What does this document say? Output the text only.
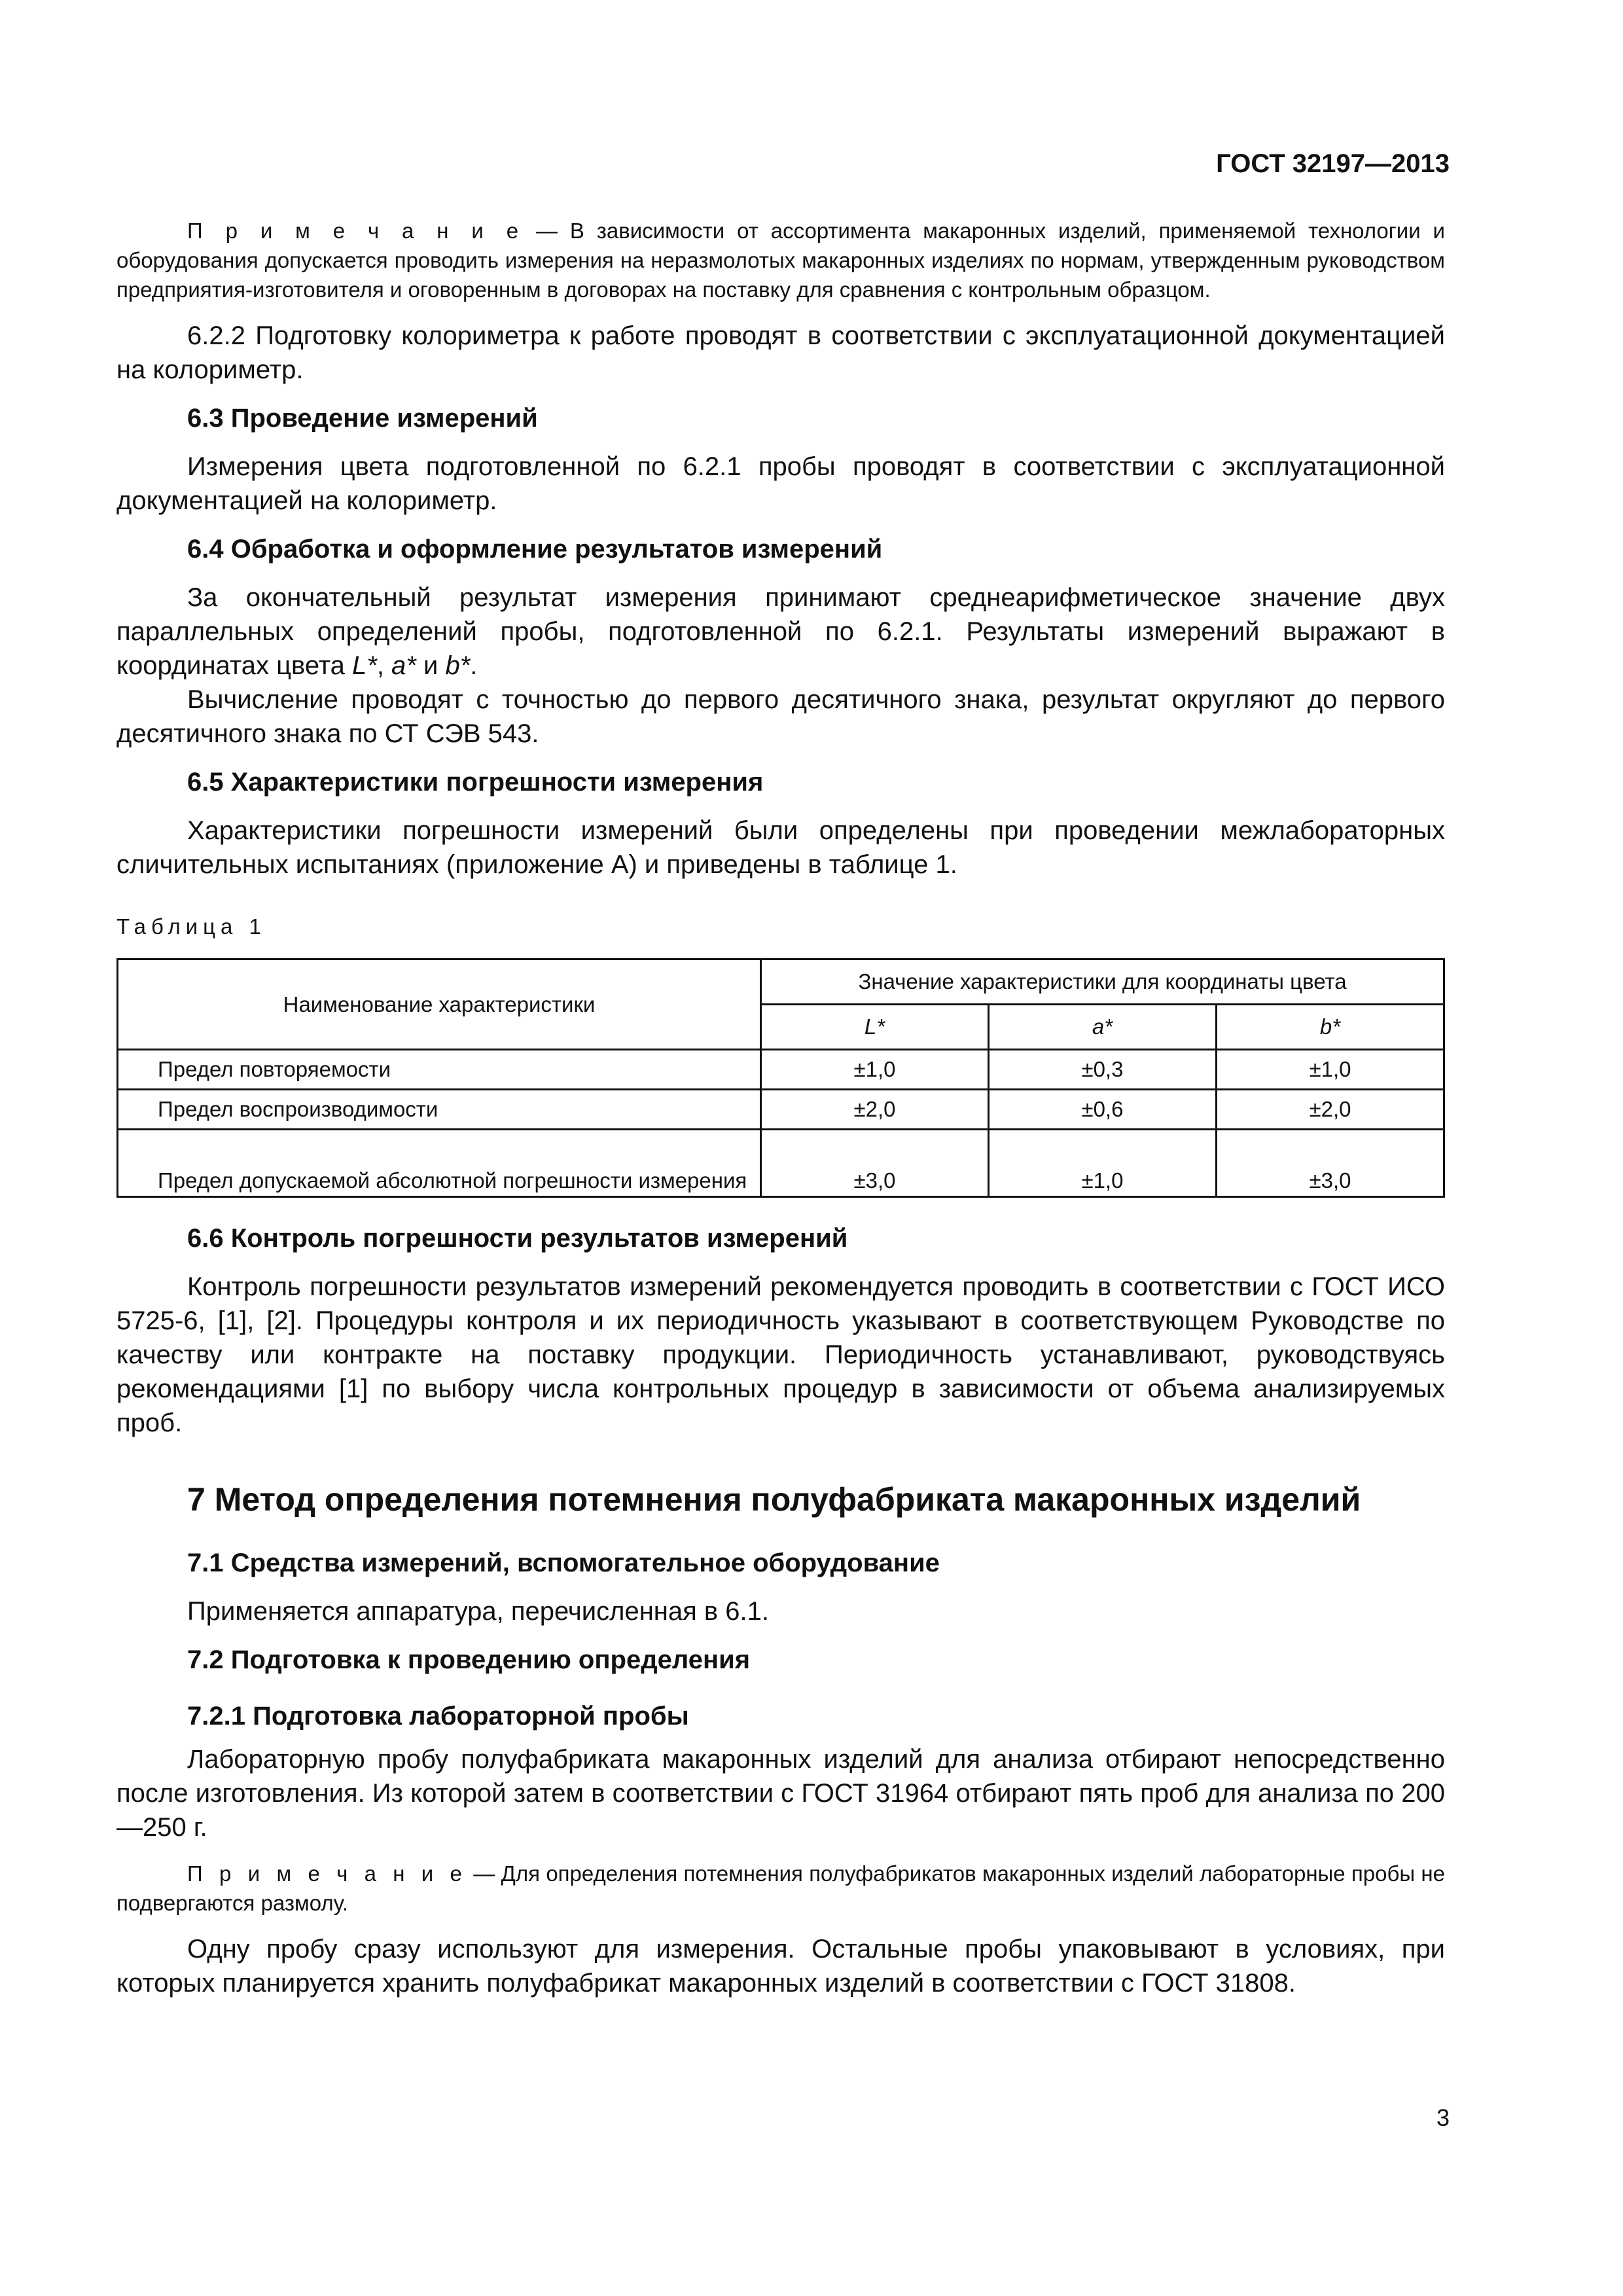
ГОСТ 32197—2013

П р и м е ч а н и е — В зависимости от ассортимента макаронных изделий, применяемой технологии и оборудования допускается проводить измерения на неразмолотых макаронных изделиях по нормам, утвержденным руководством предприятия-изготовителя и оговоренным в договорах на поставку для сравнения с контрольным образцом.

6.2.2 Подготовку колориметра к работе проводят в соответствии с эксплуатационной документацией на колориметр.

6.3 Проведение измерений

Измерения цвета подготовленной по 6.2.1 пробы проводят в соответствии с эксплуатационной документацией на колориметр.

6.4 Обработка и оформление результатов измерений

За окончательный результат измерения принимают среднеарифметическое значение двух параллельных определений пробы, подготовленной по 6.2.1. Результаты измерений выражают в координатах цвета L*, a* и b*.

Вычисление проводят с точностью до первого десятичного знака, результат округляют до первого десятичного знака по СТ СЭВ 543.

6.5 Характеристики погрешности измерения

Характеристики погрешности измерений были определены при проведении межлабораторных сличительных испытаниях (приложение А) и приведены в таблице 1.

Таблица 1
Наименование характеристики	Значение характеристики для координаты цвета		
	L*	a*	b*
Предел повторяемости	±1,0	±0,3	±1,0
Предел воспроизводимости	±2,0	±0,6	±2,0
Предел допускаемой абсолютной погрешности измерения	±3,0	±1,0	±3,0

6.6 Контроль погрешности результатов измерений

Контроль погрешности результатов измерений рекомендуется проводить в соответствии с ГОСТ ИСО 5725-6, [1], [2]. Процедуры контроля и их периодичность указывают в соответствующем Руководстве по качеству или контракте на поставку продукции. Периодичность устанавливают, руководствуясь рекомендациями [1] по выбору числа контрольных процедур в зависимости от объема анализируемых проб.

7 Метод определения потемнения полуфабриката макаронных изделий

7.1 Средства измерений, вспомогательное оборудование

Применяется аппаратура, перечисленная в 6.1.

7.2 Подготовка к проведению определения

7.2.1 Подготовка лабораторной пробы

Лабораторную пробу полуфабриката макаронных изделий для анализа отбирают непосредственно после изготовления. Из которой затем в соответствии с ГОСТ 31964 отбирают пять проб для анализа по 200—250 г.

П р и м е ч а н и е — Для определения потемнения полуфабрикатов макаронных изделий лабораторные пробы не подвергаются размолу.

Одну пробу сразу используют для измерения. Остальные пробы упаковывают в условиях, при которых планируется хранить полуфабрикат макаронных изделий в соответствии с ГОСТ 31808.

3
